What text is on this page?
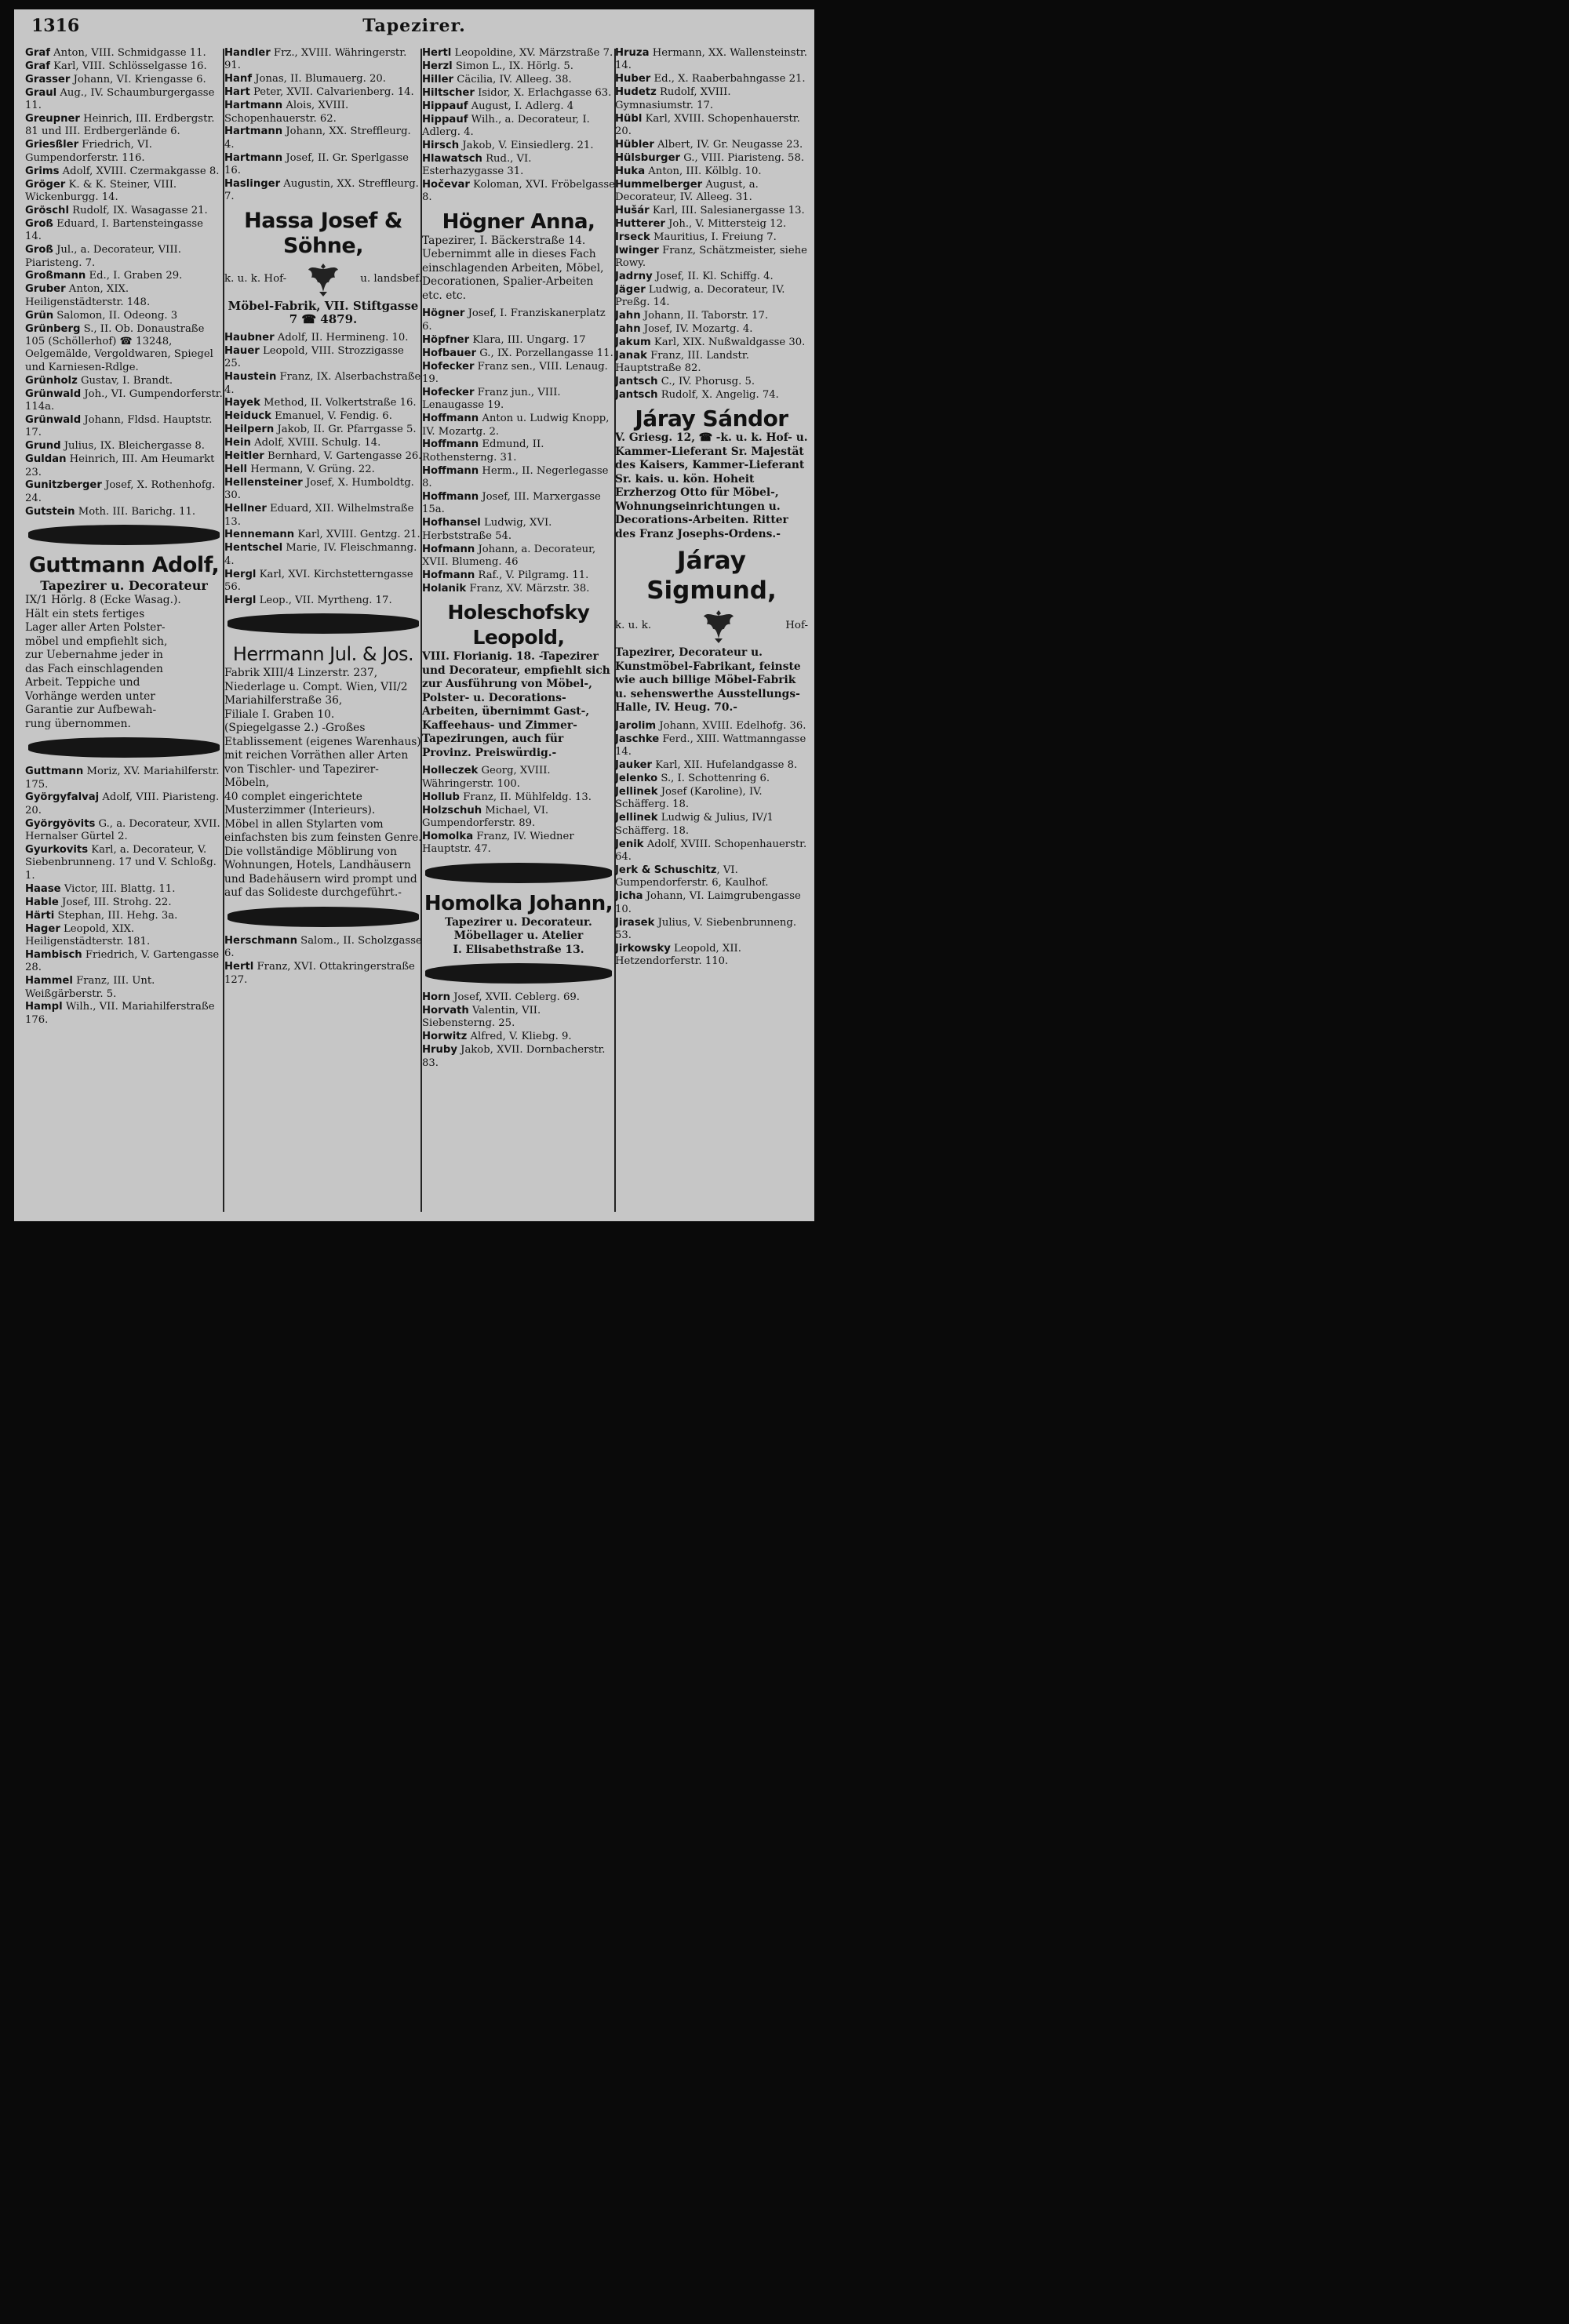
1316	Tapezirer.
Graf Anton, VIII. Schmidgasse 11.
Graf Karl, VIII. Schlösselgasse 16.
Grasser Johann, VI. Kriengasse 6.
Graul Aug., IV. Schaumburgergasse 11.
Greupner Heinrich, III. Erdbergstr. 81 und III. Erdbergerlände 6.
Griesßler Friedrich, VI. Gumpendorferstr. 116.
Grims Adolf, XVIII. Czermakgasse 8.
Gröger K. & K. Steiner, VIII. Wickenburgg. 14.
Gröschl Rudolf, IX. Wasagasse 21.
Groß Eduard, I. Bartensteingasse 14.
Groß Jul., a. Decorateur, VIII. Piaristeng. 7.
Großmann Ed., I. Graben 29.
Gruber Anton, XIX. Heiligenstädterstr. 148.
Grün Salomon, II. Odeong. 3
Grünberg S., II. Ob. Donaustraße 105 (Schöllerhof) ☎ 13248, Oelgemälde, Vergoldwaren, Spiegel und Karniesen-Rdlge.
Grünholz Gustav, I. Brandt.
Grünwald Joh., VI. Gumpendorferstr. 114a.
Grünwald Johann, Fldsd. Hauptstr. 17.
Grund Julius, IX. Bleichergasse 8.
Guldan Heinrich, III. Am Heumarkt 23.
Gunitzberger Josef, X. Rothenhofg. 24.
Gutstein Moth. III. Barichg. 11.
Guttmann Adolf,
Tapezirer u. Decorateur
IX/1 Hörlg. 8 (Ecke Wasag.).
Hält ein stets fertiges
Lager aller Arten Polster-
möbel und empfiehlt sich,
zur Uebernahme jeder in
das Fach einschlagenden
Arbeit. Teppiche und
Vorhänge werden unter
Garantie zur Aufbewah-
rung übernommen.
Guttmann Moriz, XV. Mariahilferstr. 175.
Györgyfalvaj Adolf, VIII. Piaristeng. 20.
Györgyövits G., a. Decorateur, XVII. Hernalser Gürtel 2.
Gyurkovits Karl, a. Decorateur, V. Siebenbrunneng. 17 und V. Schloßg. 1.
Haase Victor, III. Blattg. 11.
Hable Josef, III. Strohg. 22.
Härti Stephan, III. Hehg. 3a.
Hager Leopold, XIX. Heiligenstädterstr. 181.
Hambisch Friedrich, V. Gartengasse 28.
Hammel Franz, III. Unt. Weißgärberstr. 5.
Hampl Wilh., VII. Mariahilferstraße 176.
Handler Frz., XVIII. Währingerstr. 91.
Hanf Jonas, II. Blumauerg. 20.
Hart Peter, XVII. Calvarienberg. 14.
Hartmann Alois, XVIII. Schopenhauerstr. 62.
Hartmann Johann, XX. Streffleurg. 4.
Hartmann Josef, II. Gr. Sperlgasse 16.
Haslinger Augustin, XX. Streffleurg. 7.
Hassa Josef & Söhne,
k. u. k. Hof-	u. landsbef.
Möbel-Fabrik, VII. Stiftgasse 7 ☎ 4879.
Haubner Adolf, II. Hermineng. 10.
Hauer Leopold, VIII. Strozzigasse 25.
Haustein Franz, IX. Alserbachstraße 4.
Hayek Method, II. Volkertstraße 16.
Heiduck Emanuel, V. Fendig. 6.
Heilpern Jakob, II. Gr. Pfarrgasse 5.
Hein Adolf, XVIII. Schulg. 14.
Heitler Bernhard, V. Gartengasse 26.
Hell Hermann, V. Grüng. 22.
Hellensteiner Josef, X. Humboldtg. 30.
Hellner Eduard, XII. Wilhelmstraße 13.
Hennemann Karl, XVIII. Gentzg. 21.
Hentschel Marie, IV. Fleischmanng. 4.
Hergl Karl, XVI. Kirchstetterngasse 56.
Hergl Leop., VII. Myrtheng. 17.
Herrmann Jul. & Jos.
Fabrik XIII/4 Linzerstr. 237, Niederlage u. Compt. Wien, VII/2
Mariahilferstraße 36,
Filiale I. Graben 10.
(Spiegelgasse 2.) -Großes Etablissement (eigenes Warenhaus) mit reichen Vorräthen aller Arten von Tischler- und Tapezirer-Möbeln,
40 complet eingerichtete Musterzimmer (Interieurs).
Möbel in allen Stylarten vom einfachsten bis zum feinsten Genre. Die vollständige Möblirung von Wohnungen, Hotels, Landhäusern und Badehäusern wird prompt und auf das Solideste durchgeführt.-
Herschmann Salom., II. Scholzgasse 6.
Hertl Franz, XVI. Ottakringerstraße 127.
Hertl Leopoldine, XV. Märzstraße 7.
Herzl Simon L., IX. Hörlg. 5.
Hiller Cäcilia, IV. Alleeg. 38.
Hiltscher Isidor, X. Erlachgasse 63.
Hippauf August, I. Adlerg. 4
Hippauf Wilh., a. Decorateur, I. Adlerg. 4.
Hirsch Jakob, V. Einsiedlerg. 21.
Hlawatsch Rud., VI. Esterhazygasse 31.
Hočevar Koloman, XVI. Fröbelgasse 8.
Högner Anna,
Tapezirer, I. Bäckerstraße 14. Uebernimmt alle in dieses Fach einschlagenden Arbeiten, Möbel, Decorationen, Spalier-Arbeiten etc. etc.
Högner Josef, I. Franziskanerplatz 6.
Höpfner Klara, III. Ungarg. 17
Hofbauer G., IX. Porzellangasse 11.
Hofecker Franz sen., VIII. Lenaug. 19.
Hofecker Franz jun., VIII. Lenaugasse 19.
Hoffmann Anton u. Ludwig Knopp, IV. Mozartg. 2.
Hoffmann Edmund, II. Rothensterng. 31.
Hoffmann Herm., II. Negerlegasse 8.
Hoffmann Josef, III. Marxergasse 15a.
Hofhansel Ludwig, XVI. Herbststraße 54.
Hofmann Johann, a. Decorateur, XVII. Blumeng. 46
Hofmann Raf., V. Pilgramg. 11.
Holanik Franz, XV. Märzstr. 38.
Holeschofsky Leopold,
VIII. Florianig. 18. -Tapezirer und Decorateur, empfiehlt sich zur Ausführung von Möbel-, Polster- u. Decorations-Arbeiten, übernimmt Gast-, Kaffeehaus- und Zimmer-Tapezirungen, auch für Provinz. Preiswürdig.-
Holleczek Georg, XVIII. Währingerstr. 100.
Hollub Franz, II. Mühlfeldg. 13.
Holzschuh Michael, VI. Gumpendorferstr. 89.
Homolka Franz, IV. Wiedner Hauptstr. 47.
Homolka Johann,
Tapezirer u. Decorateur.
Möbellager u. Atelier
I. Elisabethstraße 13.
Horn Josef, XVII. Ceblerg. 69.
Horvath Valentin, VII. Siebensterng. 25.
Horwitz Alfred, V. Kliebg. 9.
Hruby Jakob, XVII. Dornbacherstr. 83.
Hruza Hermann, XX. Wallensteinstr. 14.
Huber Ed., X. Raaberbahngasse 21.
Hudetz Rudolf, XVIII. Gymnasiumstr. 17.
Hübl Karl, XVIII. Schopenhauerstr. 20.
Hübler Albert, IV. Gr. Neugasse 23.
Hülsburger G., VIII. Piaristeng. 58.
Huka Anton, III. Kölblg. 10.
Hummelberger August, a. Decorateur, IV. Alleeg. 31.
Hušár Karl, III. Salesianergasse 13.
Hutterer Joh., V. Mittersteig 12.
Irseck Mauritius, I. Freiung 7.
Iwinger Franz, Schätzmeister, siehe Rowy.
Jadrny Josef, II. Kl. Schiffg. 4.
Jäger Ludwig, a. Decorateur, IV. Preßg. 14.
Jahn Johann, II. Taborstr. 17.
Jahn Josef, IV. Mozartg. 4.
Jakum Karl, XIX. Nußwaldgasse 30.
Janak Franz, III. Landstr. Hauptstraße 82.
Jantsch C., IV. Phorusg. 5.
Jantsch Rudolf, X. Angelig. 74.
Járay Sándor
V. Griesg. 12, ☎ -k. u. k. Hof- u. Kammer-Lieferant Sr. Majestät des Kaisers, Kammer-Lieferant Sr. kais. u. kön. Hoheit Erzherzog Otto für Möbel-, Wohnungseinrichtungen u. Decorations-Arbeiten. Ritter des Franz Josephs-Ordens.-
Járay
Sigmund,
k. u. k.	Hof-
Tapezirer, Decorateur u. Kunstmöbel-Fabrikant, feinste wie auch billige Möbel-Fabrik u. sehenswerthe Ausstellungs-Halle, IV. Heug. 70.-
Jarolim Johann, XVIII. Edelhofg. 36.
Jaschke Ferd., XIII. Wattmanngasse 14.
Jauker Karl, XII. Hufelandgasse 8.
Jelenko S., I. Schottenring 6.
Jellinek Josef (Karoline), IV. Schäfferg. 18.
Jellinek Ludwig & Julius, IV/1 Schäfferg. 18.
Jenik Adolf, XVIII. Schopenhauerstr. 64.
Jerk & Schuschitz, VI. Gumpendorferstr. 6, Kaulhof.
Jicha Johann, VI. Laimgrubengasse 10.
Jirasek Julius, V. Siebenbrunneng. 53.
Jirkowsky Leopold, XII. Hetzendorferstr. 110.
